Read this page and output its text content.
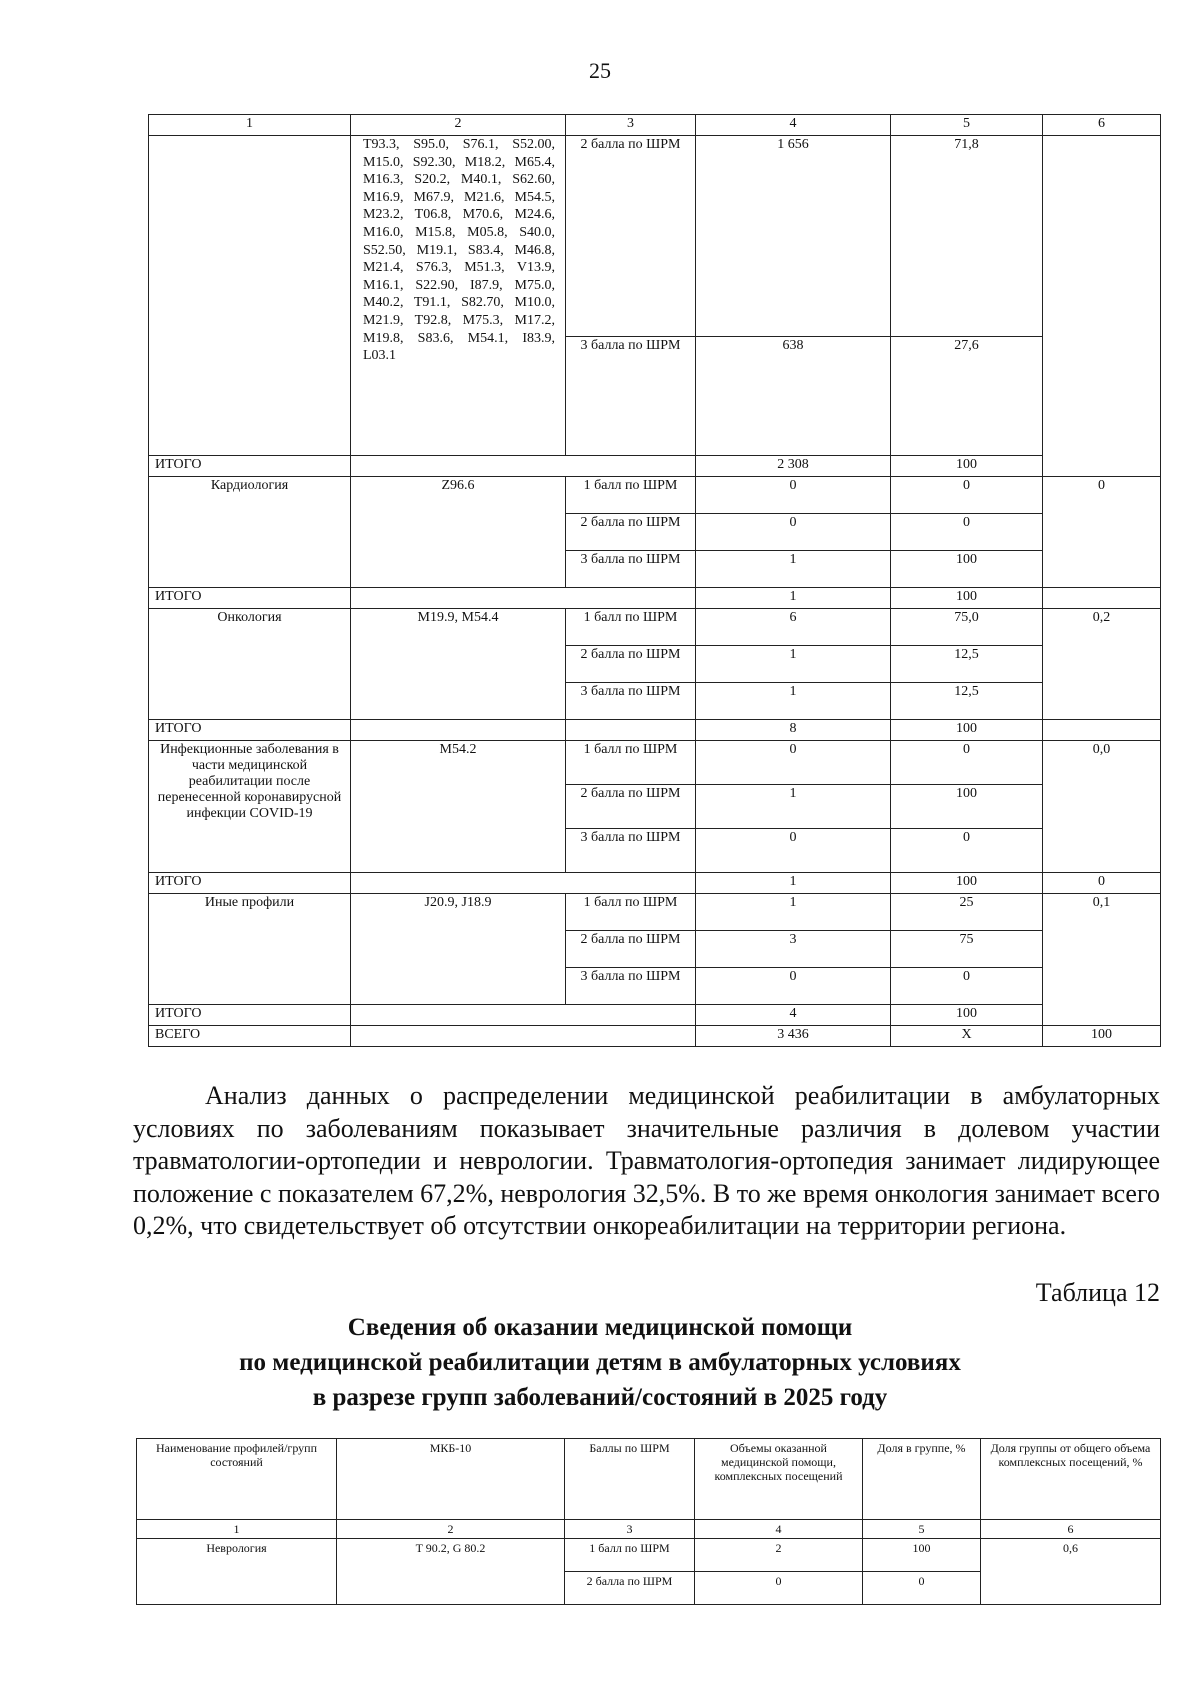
25
1	2	3	4	5	6
	T93.3, S95.0, S76.1, S52.00, M15.0, S92.30, M18.2, M65.4, M16.3, S20.2, M40.1, S62.60, M16.9, M67.9, M21.6, M54.5, M23.2, T06.8, M70.6, M24.6, M16.0, M15.8, M05.8, S40.0, S52.50, M19.1, S83.4, M46.8, M21.4, S76.3, M51.3, V13.9, M16.1, S22.90, I87.9, M75.0, M40.2, T91.1, S82.70, M10.0, M21.9, T92.8, M75.3, M17.2, M19.8, S83.6, M54.1, I83.9, L03.1	2 балла по ШРМ	1 656	71,8	
		3 балла по ШРМ	638	27,6	
ИТОГО			2 308	100	
Кардиология	Z96.6	1 балл по ШРМ	0	0	0
		2 балла по ШРМ	0	0	
		3 балла по ШРМ	1	100	
ИТОГО			1	100	
Онкология	M19.9, M54.4	1 балл по ШРМ	6	75,0	0,2
		2 балла по ШРМ	1	12,5	
		3 балла по ШРМ	1	12,5	
ИТОГО			8	100	
Инфекционные заболевания в части медицинской реабилитации после перенесенной коронавирусной инфекции COVID-19	M54.2	1 балл по ШРМ	0	0	0,0
		2 балла по ШРМ	1	100	
		3 балла по ШРМ	0	0	
ИТОГО			1	100	0
Иные профили	J20.9, J18.9	1 балл по ШРМ	1	25	0,1
		2 балла по ШРМ	3	75	
		3 балла по ШРМ	0	0	
ИТОГО			4	100	
ВСЕГО			3 436	Х	100

Анализ данных о распределении медицинской реабилитации в амбулаторных условиях по заболеваниям показывает значительные различия в долевом участии травматологии-ортопедии и неврологии. Травматология-ортопедия занимает лидирующее положение с показателем 67,2%, неврология 32,5%. В то же время онкология занимает всего 0,2%, что свидетельствует об отсутствии онкореабилитации на территории региона.

Таблица 12
Сведения об оказании медицинской помощи
по медицинской реабилитации детям в амбулаторных условиях
в разрезе групп заболеваний/состояний в 2025 году
Наименование профилей/групп состояний	МКБ-10	Баллы по ШРМ	Объемы оказанной медицинской помощи, комплексных посещений	Доля в группе, %	Доля группы от общего объема комплексных посещений, %
1	2	3	4	5	6
Неврология	T 90.2, G 80.2	1 балл по ШРМ	2	100	0,6
		2 балла по ШРМ	0	0	
